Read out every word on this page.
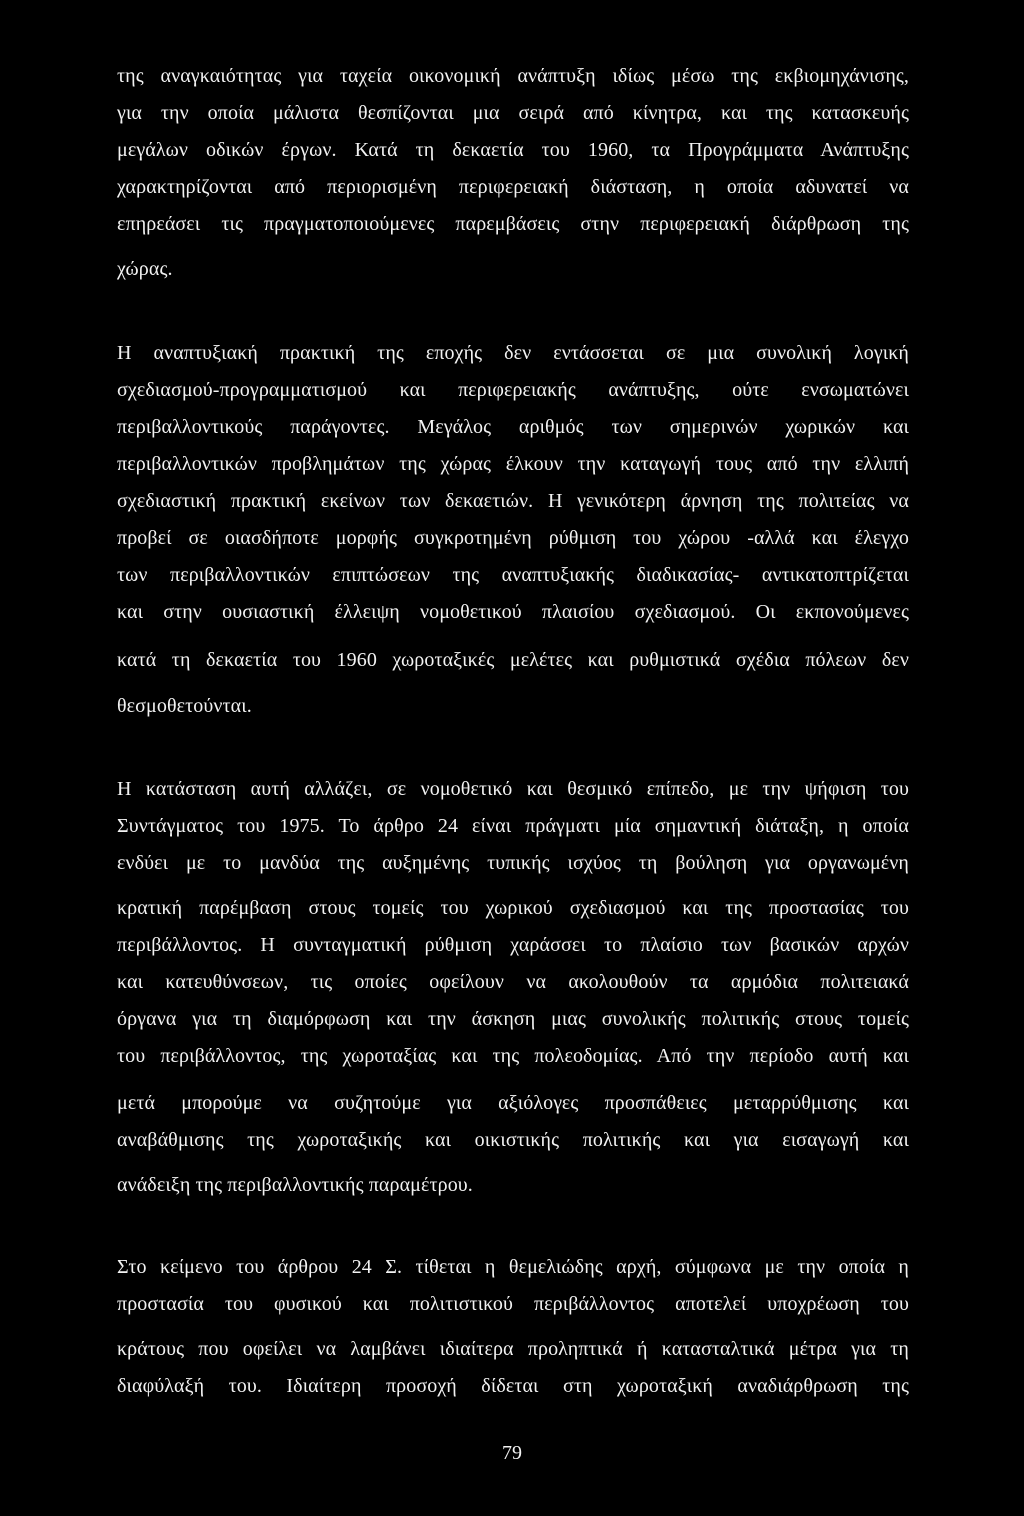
της αναγκαιότητας για ταχεία οικονομική ανάπτυξη ιδίως μέσω της εκβιομηχάνισης,
για την οποία μάλιστα θεσπίζονται μια σειρά από κίνητρα, και της κατασκευής
μεγάλων οδικών έργων. Κατά τη δεκαετία του 1960, τα Προγράμματα Ανάπτυξης
χαρακτηρίζονται από περιορισμένη περιφερειακή διάσταση, η οποία αδυνατεί να
επηρεάσει τις πραγματοποιούμενες παρεμβάσεις στην περιφερειακή διάρθρωση της
χώρας.
Η αναπτυξιακή πρακτική της εποχής δεν εντάσσεται σε μια συνολική λογική
σχεδιασμού-προγραμματισμού και περιφερειακής ανάπτυξης, ούτε ενσωματώνει
περιβαλλοντικούς παράγοντες. Μεγάλος αριθμός των σημερινών χωρικών και
περιβαλλοντικών προβλημάτων της χώρας έλκουν την καταγωγή τους από την ελλιπή
σχεδιαστική πρακτική εκείνων των δεκαετιών. Η γενικότερη άρνηση της πολιτείας να
προβεί σε οιασδήποτε μορφής συγκροτημένη ρύθμιση του χώρου -αλλά και έλεγχο
των περιβαλλοντικών επιπτώσεων της αναπτυξιακής διαδικασίας- αντικατοπτρίζεται
και στην ουσιαστική έλλειψη νομοθετικού πλαισίου σχεδιασμού. Οι εκπονούμενες
κατά τη δεκαετία του 1960 χωροταξικές μελέτες και ρυθμιστικά σχέδια πόλεων δεν
θεσμοθετούνται.
Η κατάσταση αυτή αλλάζει, σε νομοθετικό και θεσμικό επίπεδο, με την ψήφιση του
Συντάγματος του 1975. Το άρθρο 24 είναι πράγματι μία σημαντική διάταξη, η οποία
ενδύει με το μανδύα της αυξημένης τυπικής ισχύος τη βούληση για οργανωμένη
κρατική παρέμβαση στους τομείς του χωρικού σχεδιασμού και της προστασίας του
περιβάλλοντος. Η συνταγματική ρύθμιση χαράσσει το πλαίσιο των βασικών αρχών
και κατευθύνσεων, τις οποίες οφείλουν να ακολουθούν τα αρμόδια πολιτειακά
όργανα για τη διαμόρφωση και την άσκηση μιας συνολικής πολιτικής στους τομείς
του περιβάλλοντος, της χωροταξίας και της πολεοδομίας. Από την περίοδο αυτή και
μετά μπορούμε να συζητούμε για αξιόλογες προσπάθειες μεταρρύθμισης και
αναβάθμισης της χωροταξικής και οικιστικής πολιτικής και για εισαγωγή και
ανάδειξη της περιβαλλοντικής παραμέτρου.
Στο κείμενο του άρθρου 24 Σ. τίθεται η θεμελιώδης αρχή, σύμφωνα με την οποία η
προστασία του φυσικού και πολιτιστικού περιβάλλοντος αποτελεί υποχρέωση του
κράτους που οφείλει να λαμβάνει ιδιαίτερα προληπτικά ή κατασταλτικά μέτρα για τη
διαφύλαξή του. Ιδιαίτερη προσοχή δίδεται στη χωροταξική αναδιάρθρωση της
79
